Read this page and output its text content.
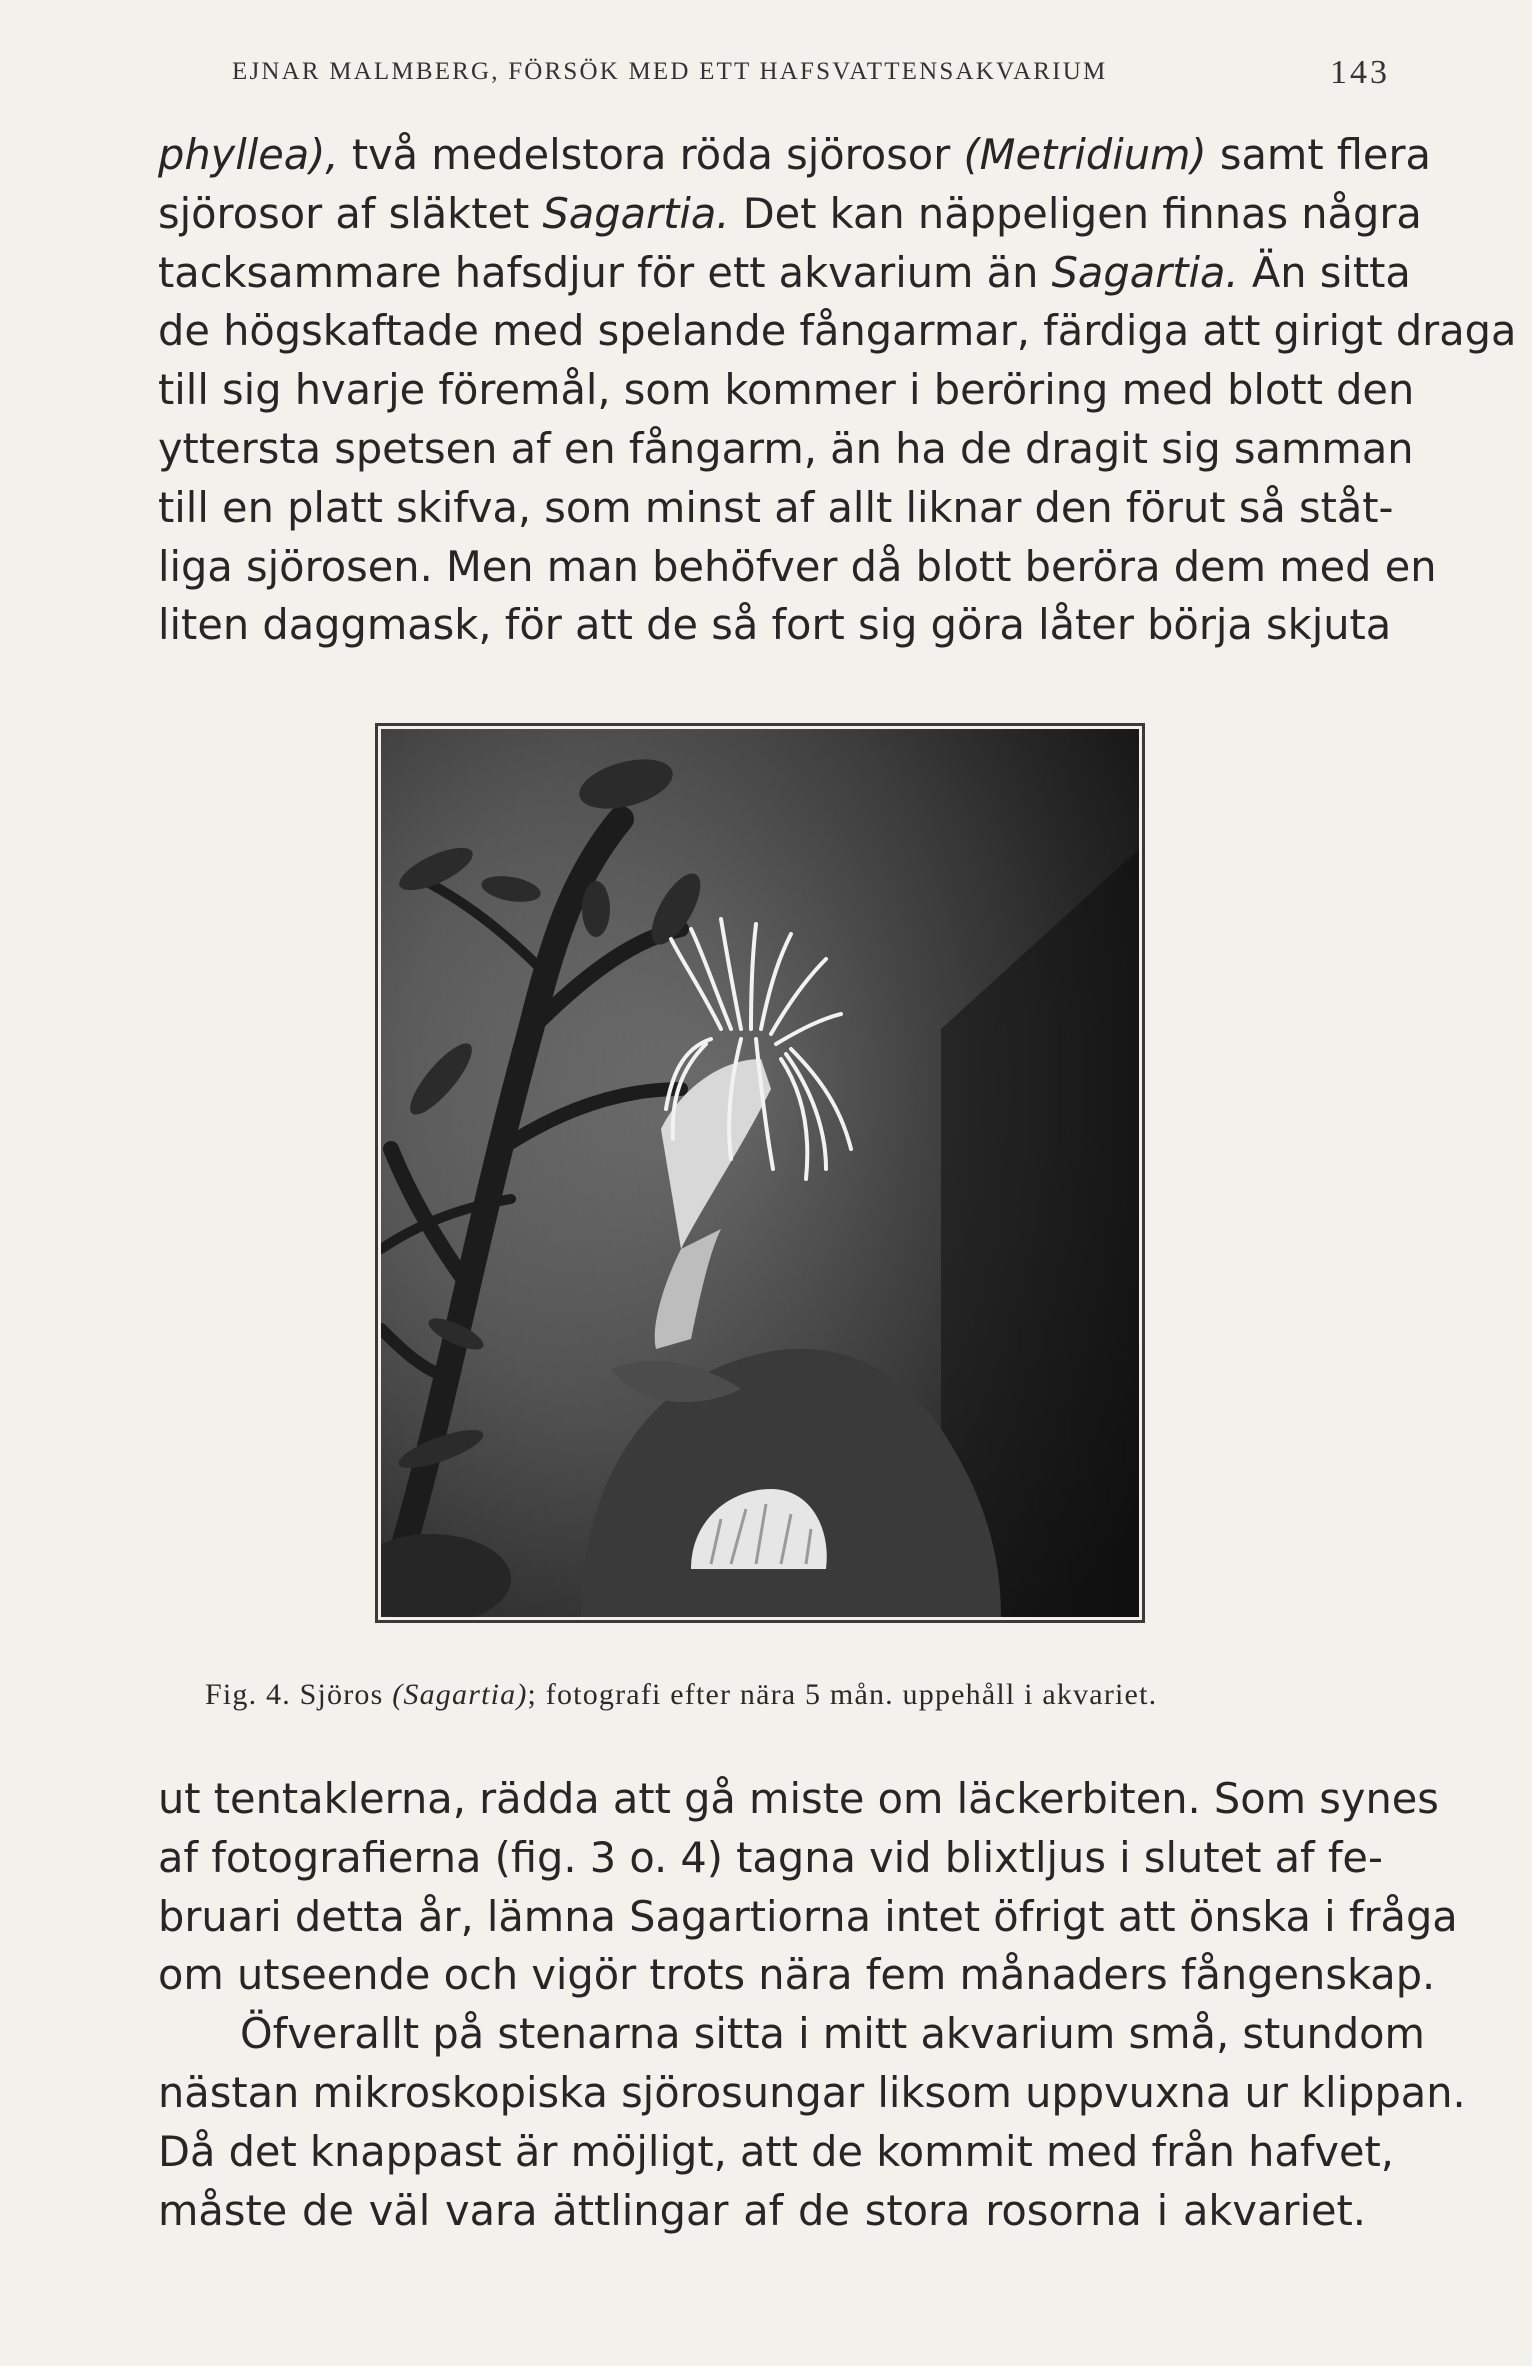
EJNAR MALMBERG, FÖRSÖK MED ETT HAFSVATTENSAKVARIUM	143
phyllea), två medelstora röda sjörosor (Metridium) samt flera
sjörosor af släktet Sagartia. Det kan näppeligen finnas några
tacksammare hafsdjur för ett akvarium än Sagartia. Än sitta
de högskaftade med spelande fångarmar, färdiga att girigt draga
till sig hvarje föremål, som kommer i beröring med blott den
yttersta spetsen af en fångarm, än ha de dragit sig samman
till en platt skifva, som minst af allt liknar den förut så ståt-
liga sjörosen. Men man behöfver då blott beröra dem med en
liten daggmask, för att de så fort sig göra låter börja skjuta
Fig. 4. Sjöros (Sagartia); fotografi efter nära 5 mån. uppehåll i akvariet.
ut tentaklerna, rädda att gå miste om läckerbiten. Som synes
af fotografierna (fig. 3 o. 4) tagna vid blixtljus i slutet af fe-
bruari detta år, lämna Sagartiorna intet öfrigt att önska i fråga
om utseende och vigör trots nära fem månaders fångenskap.
Öfverallt på stenarna sitta i mitt akvarium små, stundom
nästan mikroskopiska sjörosungar liksom uppvuxna ur klippan.
Då det knappast är möjligt, att de kommit med från hafvet,
måste de väl vara ättlingar af de stora rosorna i akvariet.
